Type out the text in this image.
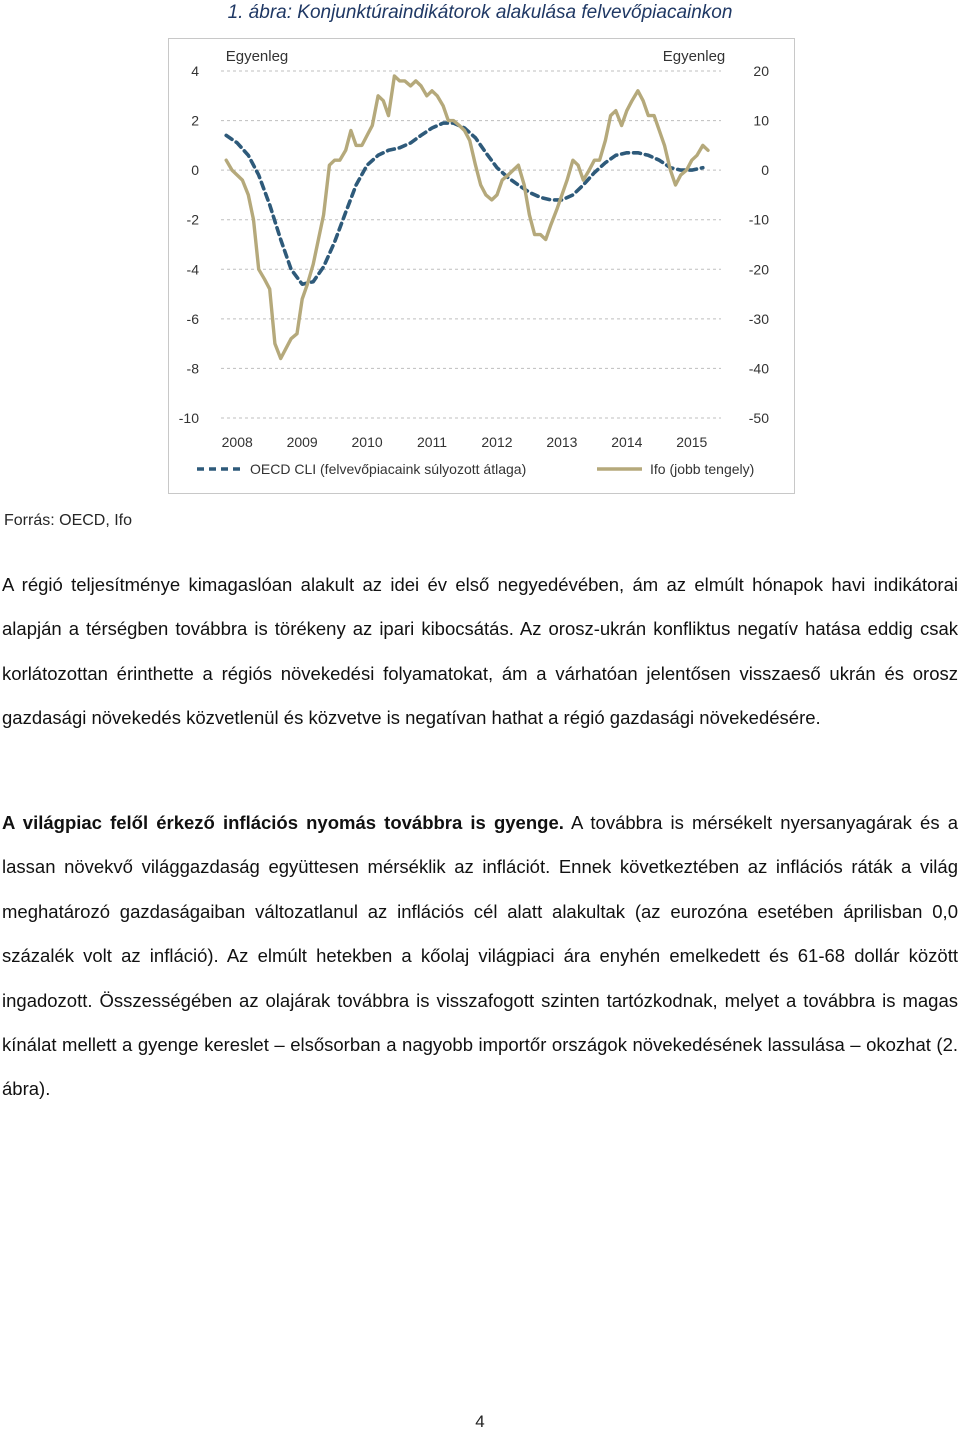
1. ábra: Konjunktúraindikátorok alakulása felvevőpiacainkon
4
2
0
-2
-4
-6
-8
-10
20
10
0
-10
-20
-30
-40
-50
2008 2009 2010 2011 2012 2013 2014 2015
Egyenleg	Egyenleg
OECD CLI (felvevőpiacaink súlyozott átlaga)	Ifo (jobb tengely)
Forrás: OECD, Ifo

A régió teljesítménye kimagaslóan alakult az idei év első negyedévében, ám az elmúlt hónapok havi indikátorai alapján a térségben továbbra is törékeny az ipari kibocsátás. Az orosz-ukrán konfliktus negatív hatása eddig csak korlátozottan érinthette a régiós növekedési folyamatokat, ám a várhatóan jelentősen visszaeső ukrán és orosz gazdasági növekedés közvetlenül és közvetve is negatívan hathat a régió gazdasági növekedésére.

A világpiac felől érkező inflációs nyomás továbbra is gyenge. A továbbra is mérsékelt nyersanyagárak és a lassan növekvő világgazdaság együttesen mérséklik az inflációt. Ennek következtében az inflációs ráták a világ meghatározó gazdaságaiban változatlanul az inflációs cél alatt alakultak (az eurozóna esetében áprilisban 0,0 százalék volt az infláció). Az elmúlt hetekben a kőolaj világpiaci ára enyhén emelkedett és 61-68 dollár között ingadozott. Összességében az olajárak továbbra is visszafogott szinten tartózkodnak, melyet a továbbra is magas kínálat mellett a gyenge kereslet – elsősorban a nagyobb importőr országok növekedésének lassulása – okozhat (2. ábra).

4
